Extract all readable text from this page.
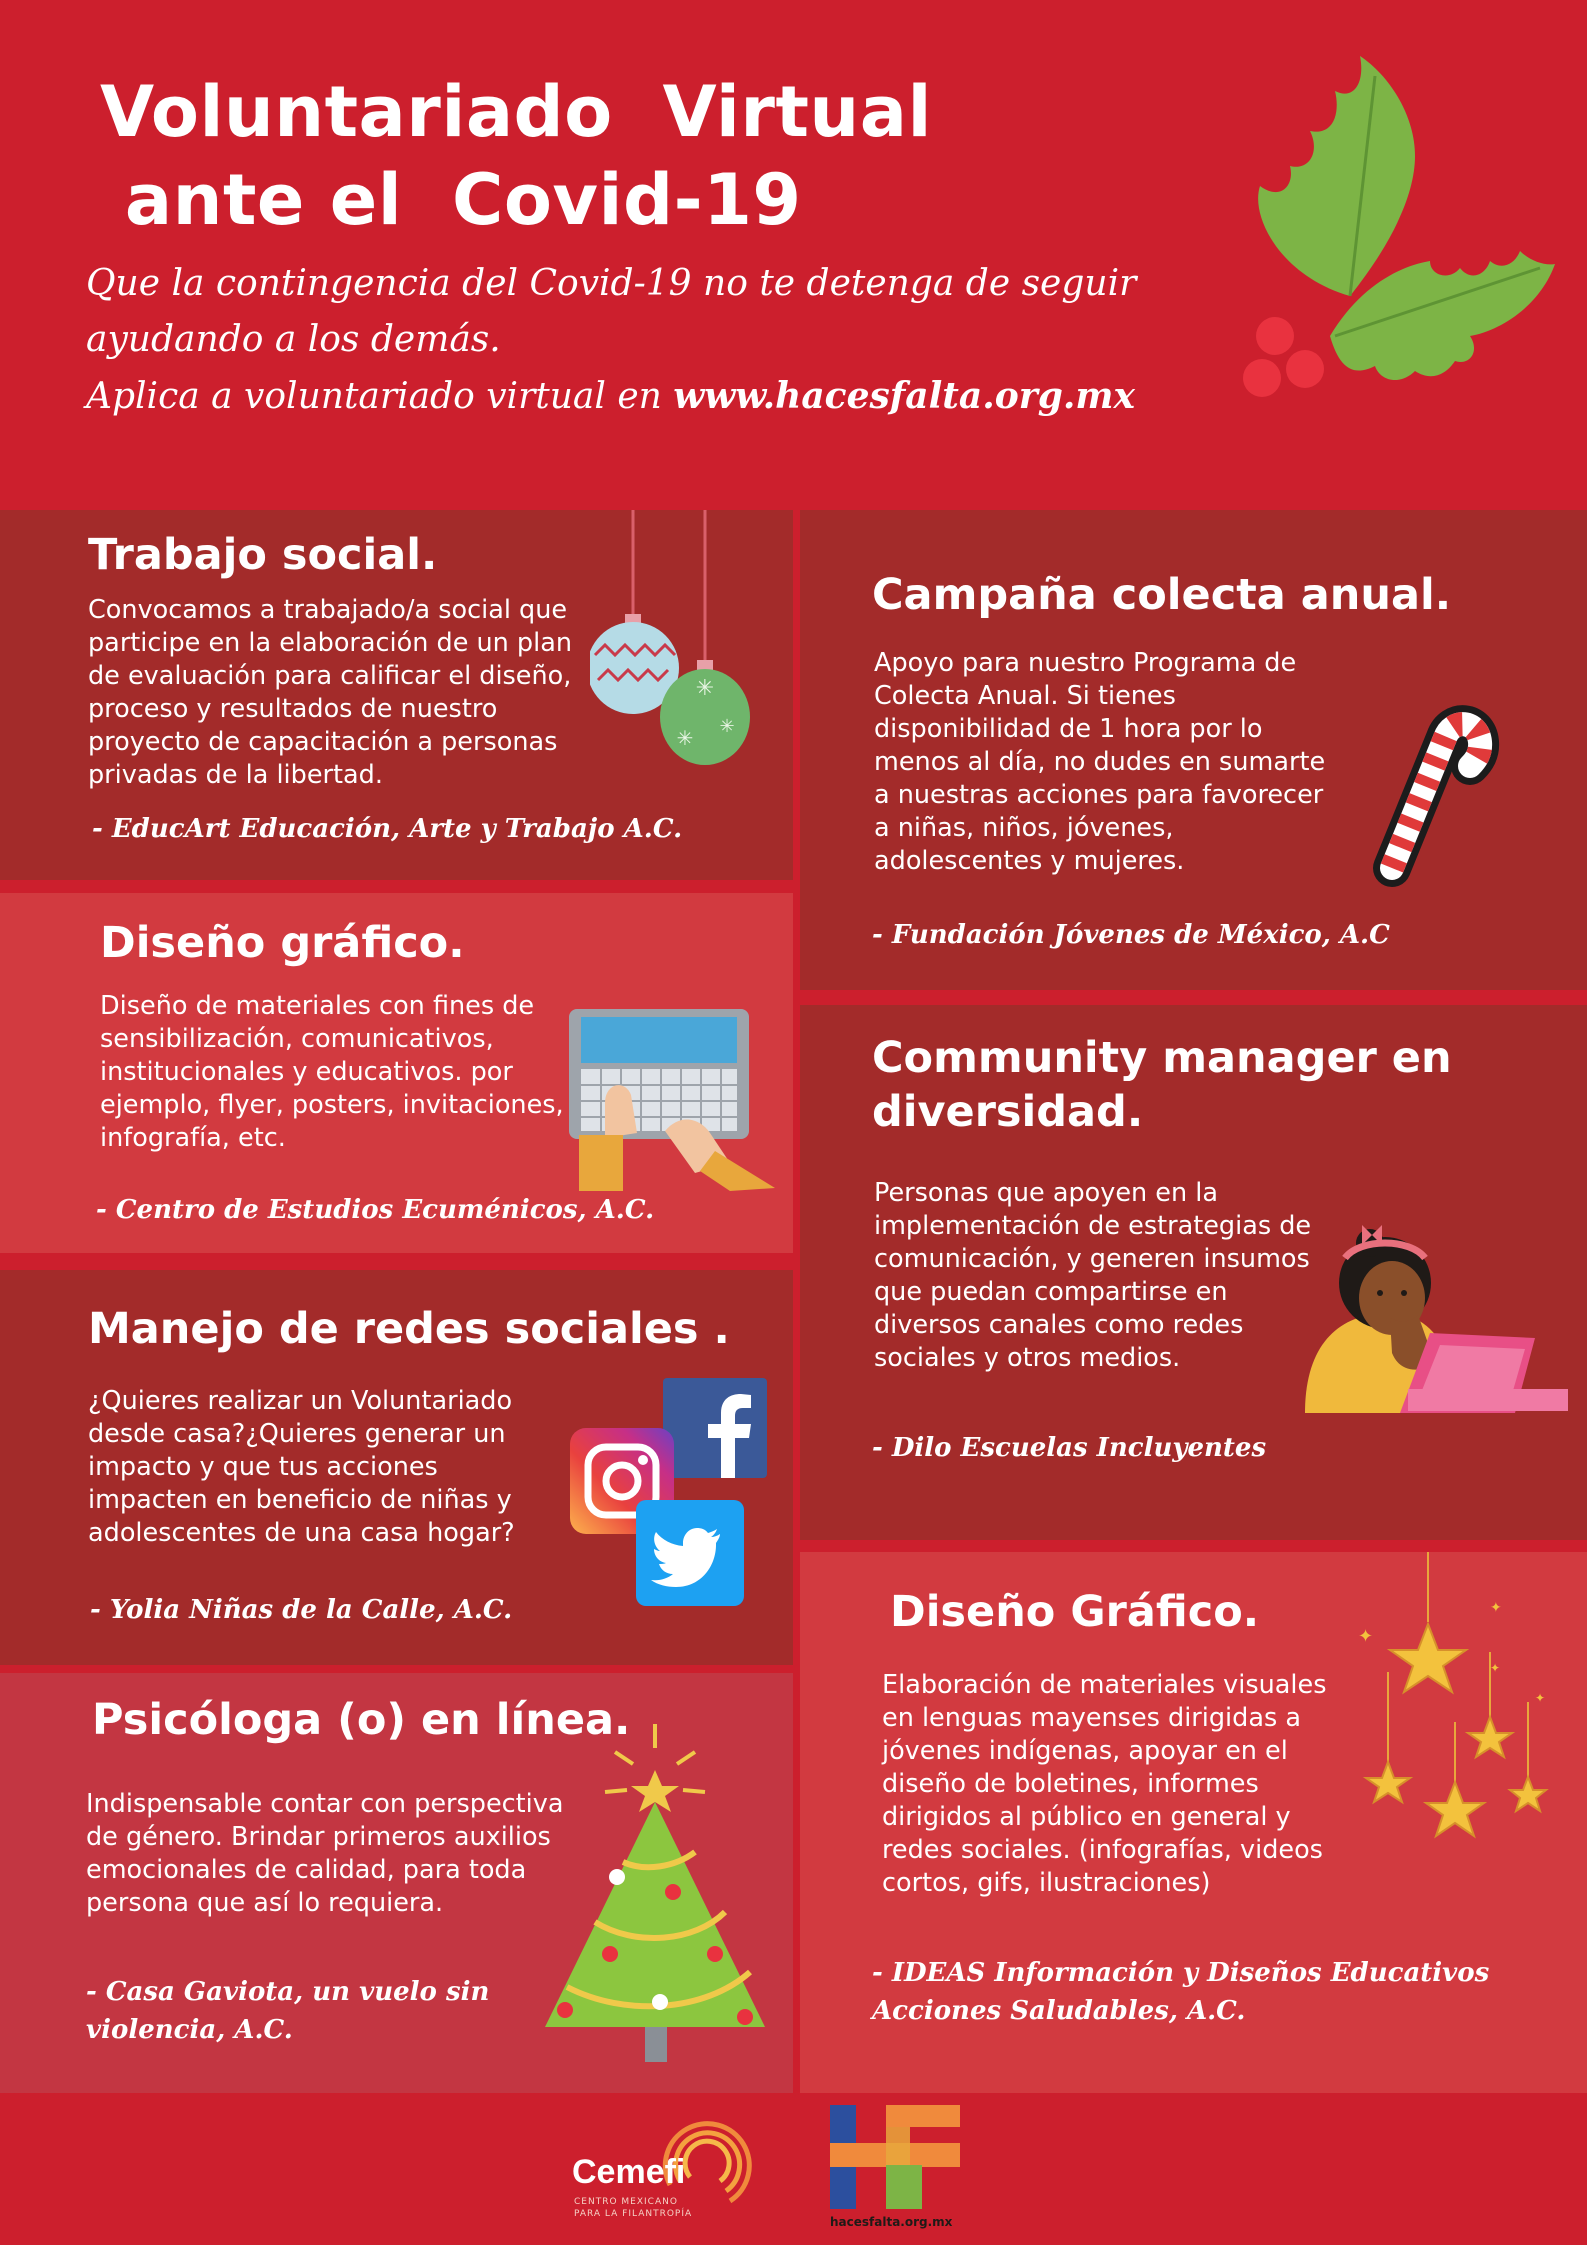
Voluntariado  Virtual
ante el  Covid-19
Que la contingencia del Covid-19 no te detenga de seguir
ayudando a los demás.
Aplica a voluntariado virtual en www.hacesfalta.org.mx
Trabajo social.

Convocamos a trabajado/a social que participe en la elaboración de un plan de evaluación para calificar el diseño, proceso y resultados de nuestro proyecto de capacitación a personas privadas de la libertad.

- EducArt Educación, Arte y Trabajo A.C.
✳
✳ ✳
Diseño gráfico.

Diseño de materiales con fines de sensibilización, comunicativos, institucionales y educativos. por ejemplo, flyer, posters, invitaciones, infografía, etc.

- Centro de Estudios Ecuménicos, A.C.
Manejo de redes sociales .

¿Quieres realizar un Voluntariado desde casa?¿Quieres generar un impacto y que tus acciones impacten en beneficio de niñas y adolescentes de una casa hogar?

- Yolia Niñas de la Calle, A.C.
Psicóloga (o) en línea.

Indispensable contar con perspectiva de género. Brindar primeros auxilios emocionales de calidad, para toda persona que así lo requiera.

- Casa Gaviota, un vuelo sin violencia, A.C.
Campaña colecta anual.

Apoyo para nuestro Programa de Colecta Anual. Si tienes disponibilidad de 1 hora por lo menos al día, no dudes en sumarte a nuestras acciones para favorecer a niñas, niños, jóvenes, adolescentes y mujeres.

- Fundación Jóvenes de México, A.C
Community manager en diversidad.

Personas que apoyen en la implementación de estrategias de comunicación, y generen insumos que puedan compartirse en diversos canales como redes sociales y otros medios.

- Dilo Escuelas Incluyentes
Diseño Gráfico.

Elaboración de materiales visuales en lenguas mayenses dirigidas a jóvenes indígenas, apoyar en el diseño de boletines, informes dirigidos al público en general y redes sociales. (infografías, videos cortos, gifs, ilustraciones)

- IDEAS Información y Diseños Educativos Acciones Saludables, A.C.
✦
✦
✦
✦
Cemefi
CENTRO MEXICANO
PARA LA FILANTROPÍA
hacesfalta.org.mx
